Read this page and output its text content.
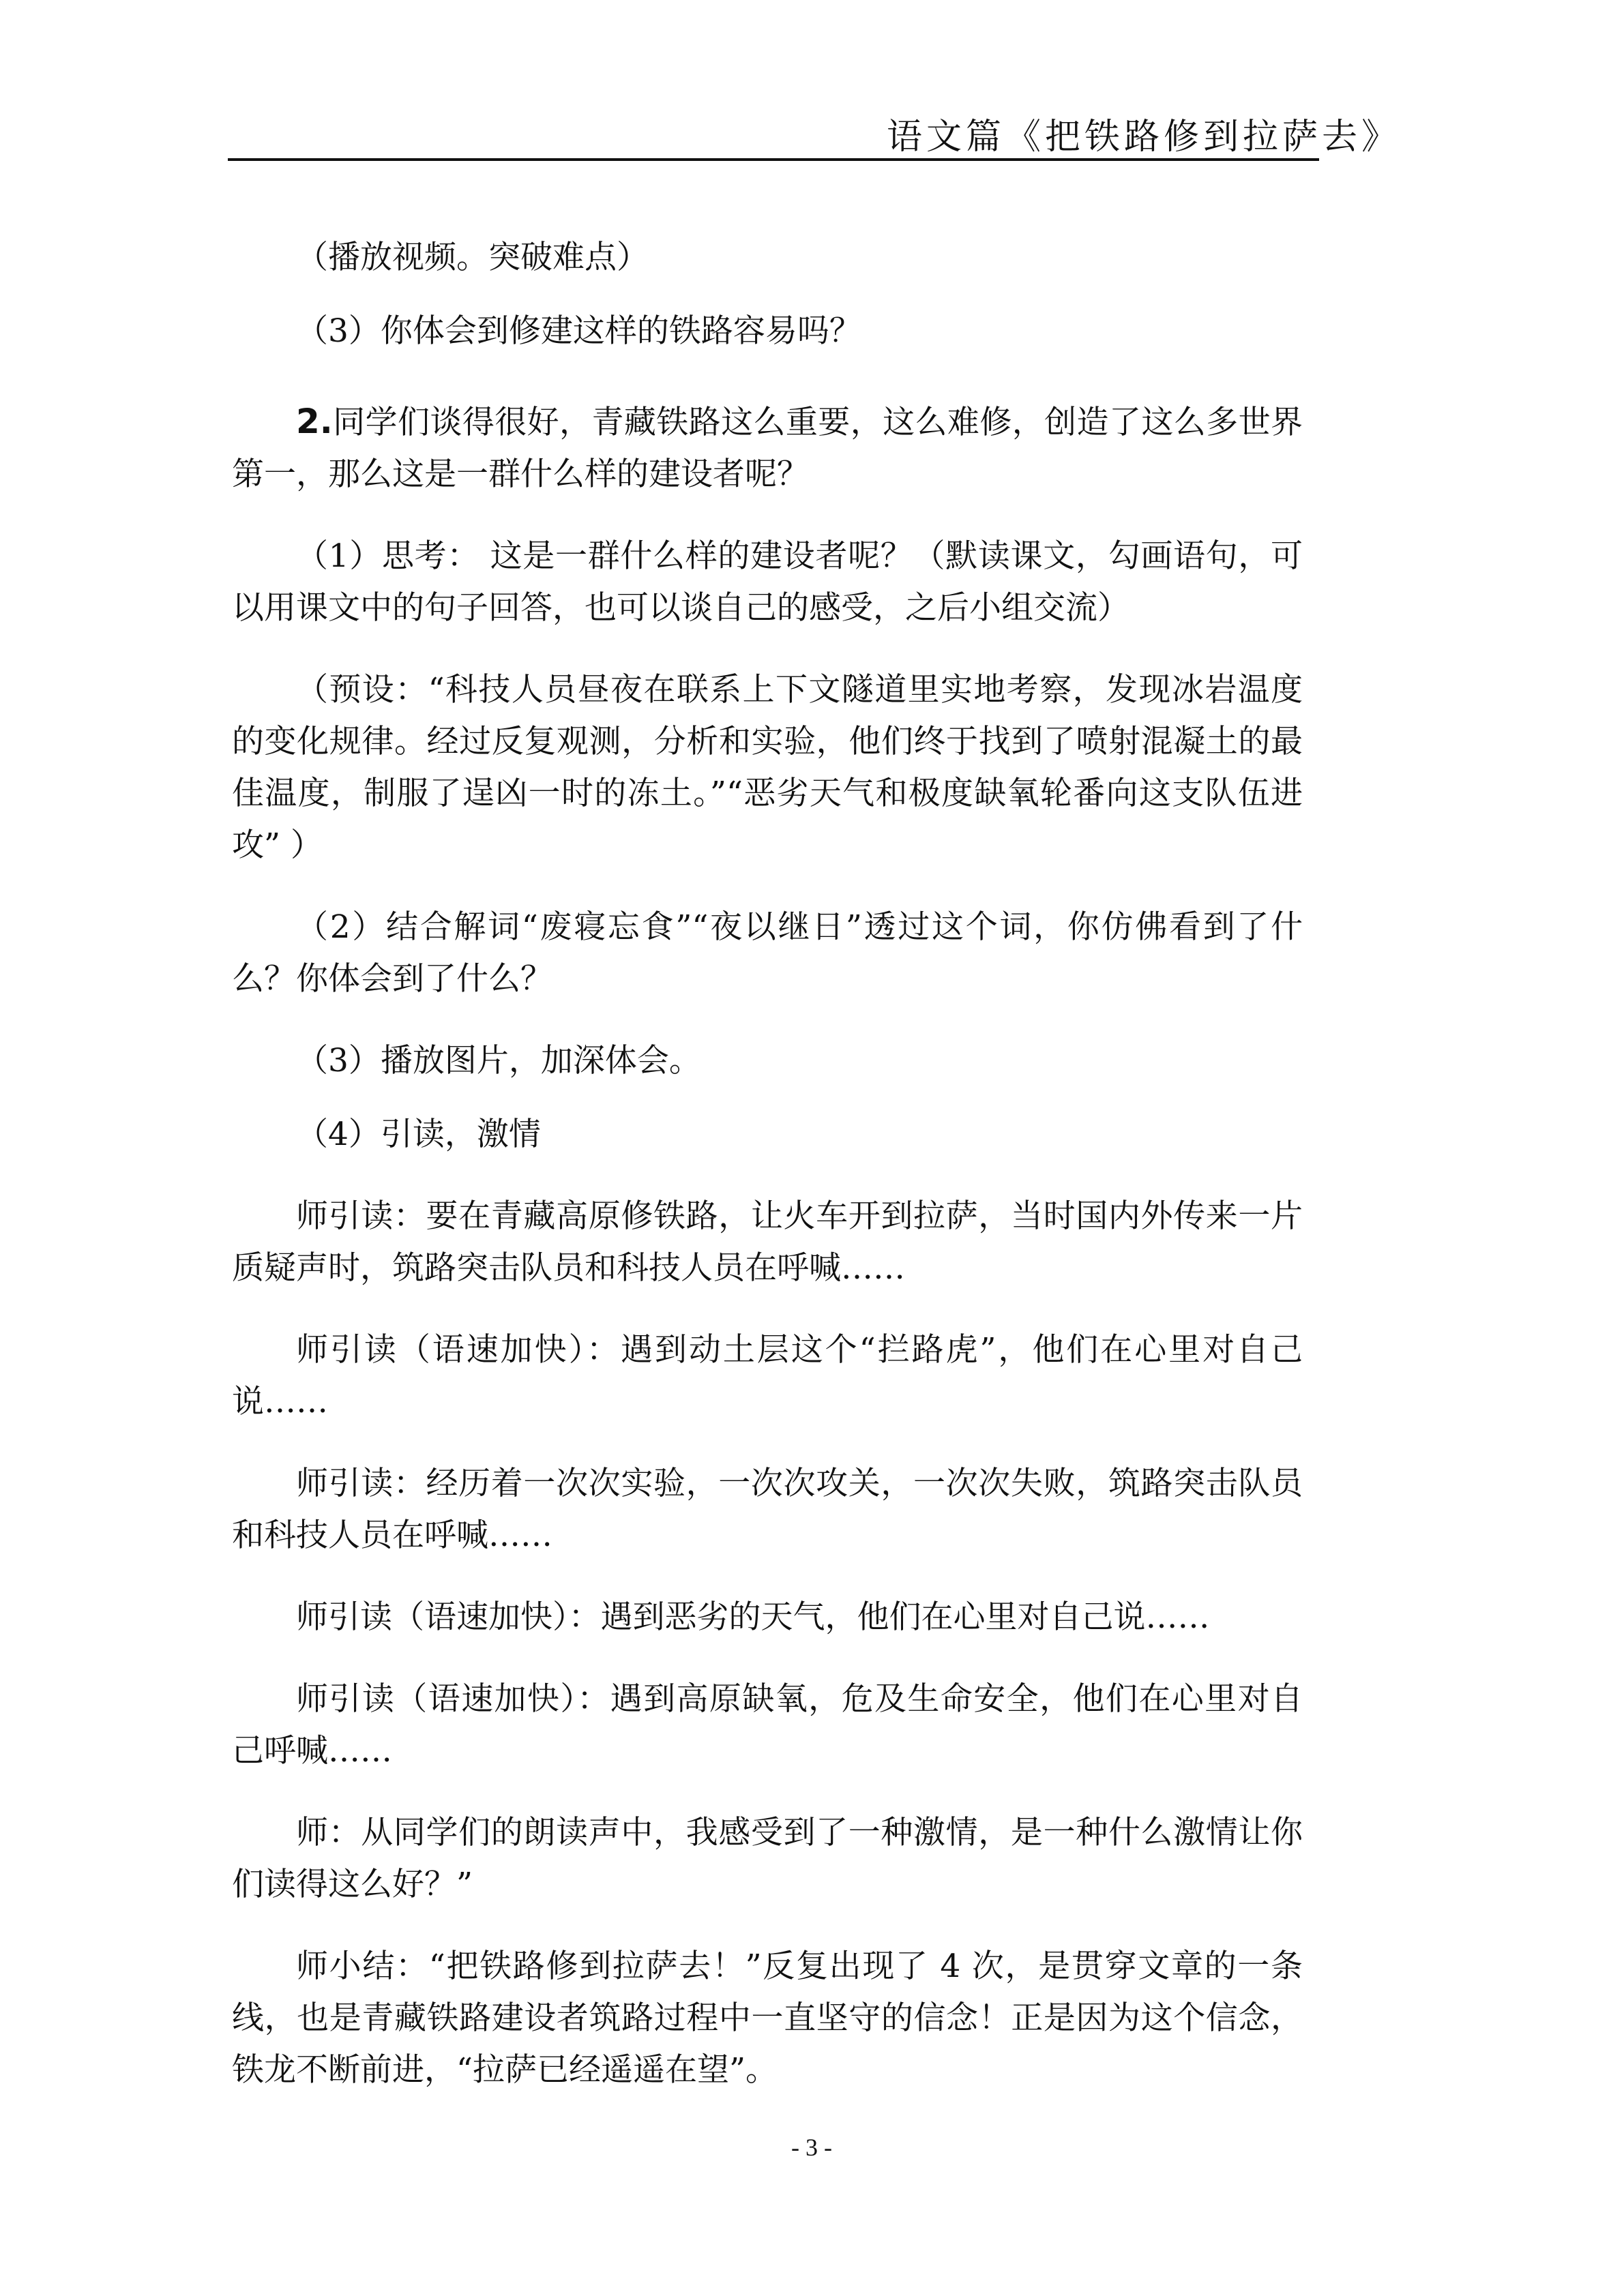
语文篇《把铁路修到拉萨去》

（播放视频。突破难点）

（3）你体会到修建这样的铁路容易吗？

2.同学们谈得很好，青藏铁路这么重要，这么难修，创造了这么多世界第一，那么这是一群什么样的建设者呢？

（1）思考： 这是一群什么样的建设者呢？（默读课文，勾画语句，可以用课文中的句子回答，也可以谈自己的感受，之后小组交流）

（预设：“科技人员昼夜在联系上下文隧道里实地考察，发现冰岩温度的变化规律。经过反复观测，分析和实验，他们终于找到了喷射混凝土的最佳温度，制服了逞凶一时的冻土。”“恶劣天气和极度缺氧轮番向这支队伍进攻” ）

（2）结合解词“废寝忘食”“夜以继日”透过这个词，你仿佛看到了什么？你体会到了什么？

（3）播放图片，加深体会。

（4）引读，激情

师引读：要在青藏高原修铁路，让火车开到拉萨，当时国内外传来一片质疑声时，筑路突击队员和科技人员在呼喊……

师引读（语速加快）：遇到动土层这个“拦路虎”，他们在心里对自己说……

师引读：经历着一次次实验，一次次攻关，一次次失败，筑路突击队员和科技人员在呼喊……

师引读（语速加快）：遇到恶劣的天气，他们在心里对自己说……

师引读（语速加快）：遇到高原缺氧，危及生命安全，他们在心里对自己呼喊……

师：从同学们的朗读声中，我感受到了一种激情，是一种什么激情让你们读得这么好？”

师小结：“把铁路修到拉萨去！”反复出现了 4 次，是贯穿文章的一条线，也是青藏铁路建设者筑路过程中一直坚守的信念！正是因为这个信念，铁龙不断前进，“拉萨已经遥遥在望”。

- 3 -
